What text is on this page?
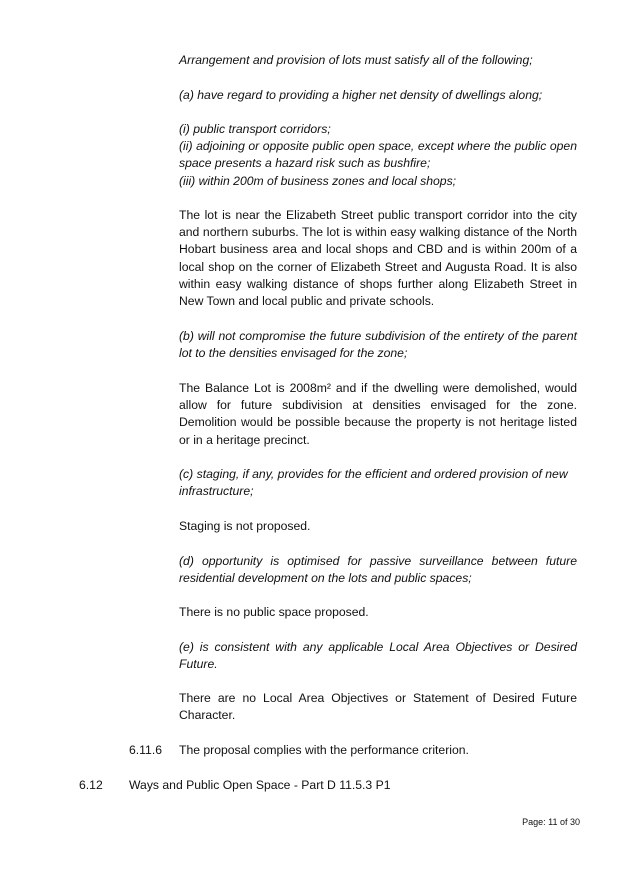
Arrangement and provision of lots must satisfy all of the following;

(a) have regard to providing a higher net density of dwellings along;

(i) public transport corridors;
(ii) adjoining or opposite public open space, except where the public open space presents a hazard risk such as bushfire;
(iii) within 200m of business zones and local shops;

The lot is near the Elizabeth Street public transport corridor into the city and northern suburbs. The lot is within easy walking distance of the North Hobart business area and local shops and CBD and is within 200m of a local shop on the corner of Elizabeth Street and Augusta Road. It is also within easy walking distance of shops further along Elizabeth Street in New Town and local public and private schools.

(b) will not compromise the future subdivision of the entirety of the parent lot to the densities envisaged for the zone;

The Balance Lot is 2008m² and if the dwelling were demolished, would allow for future subdivision at densities envisaged for the zone. Demolition would be possible because the property is not heritage listed or in a heritage precinct.

(c) staging, if any, provides for the efficient and ordered provision of new infrastructure;

Staging is not proposed.

(d) opportunity is optimised for passive surveillance between future residential development on the lots and public spaces;

There is no public space proposed.

(e) is consistent with any applicable Local Area Objectives or Desired Future.

There are no Local Area Objectives or Statement of Desired Future Character.

6.11.6 The proposal complies with the performance criterion.
6.12 Ways and Public Open Space - Part D 11.5.3 P1
Page: 11 of 30
